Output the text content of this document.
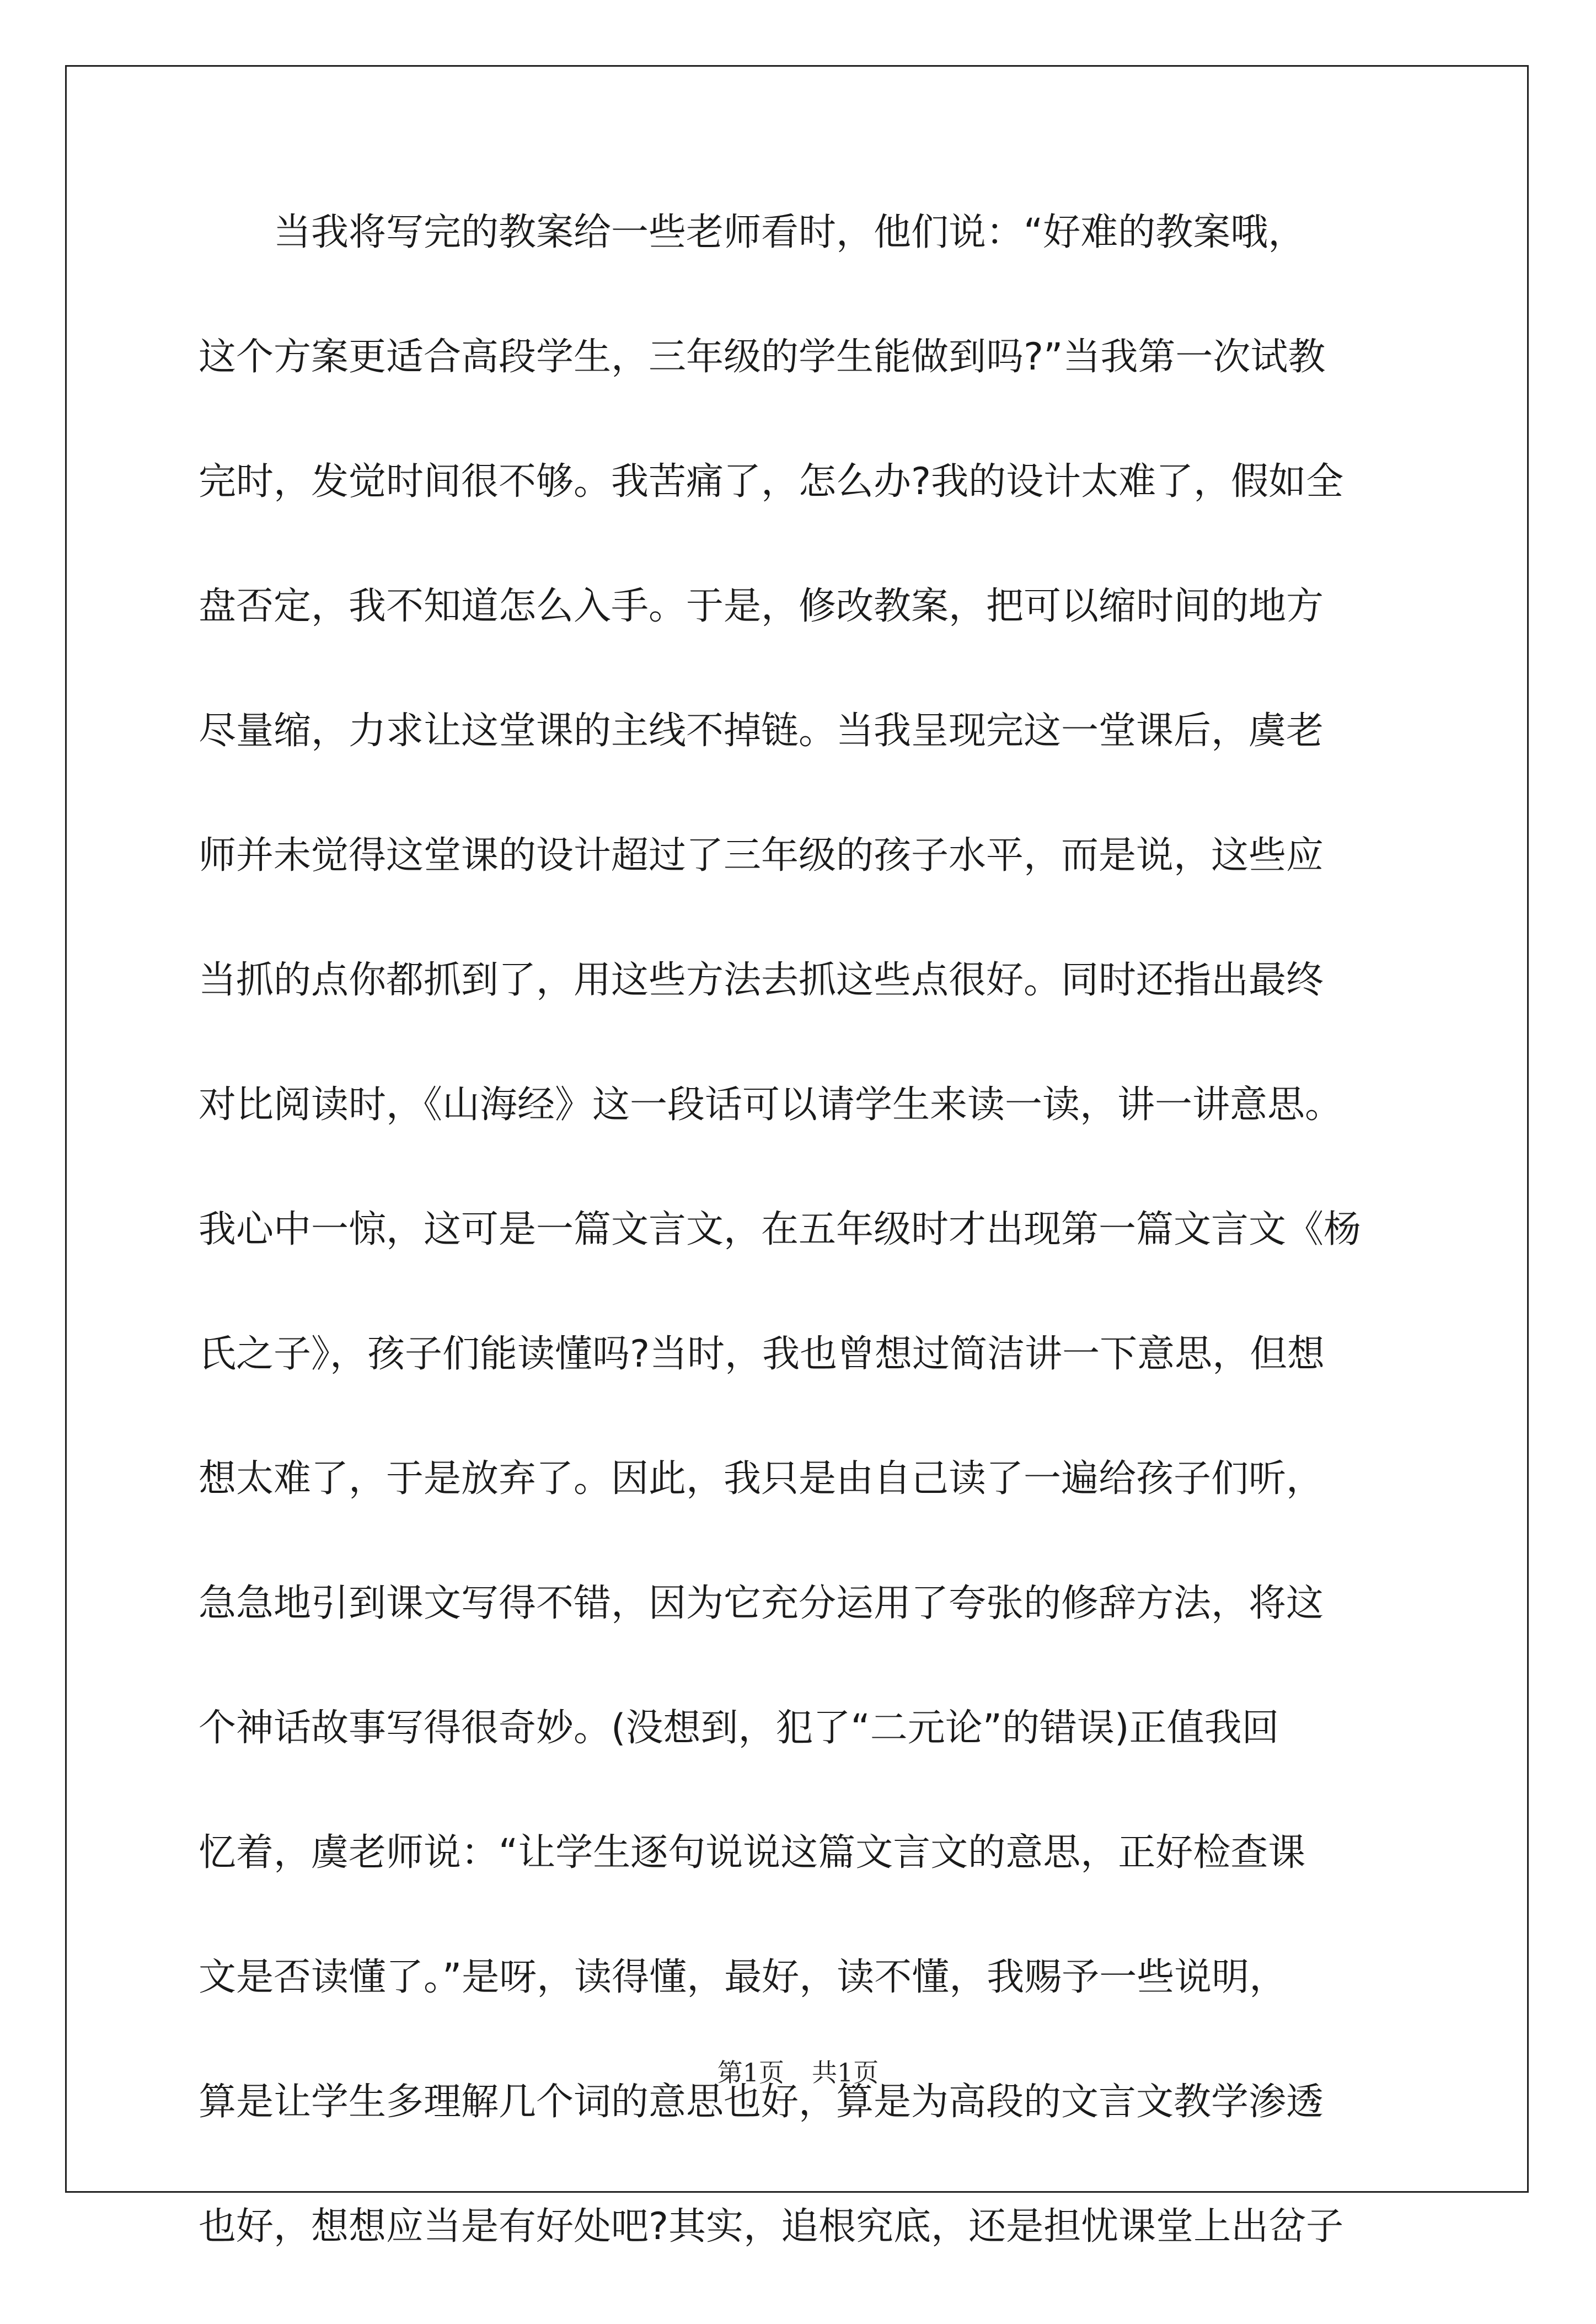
　　当我将写完的教案给一些老师看时，他们说：“好难的教案哦，
这个方案更适合高段学生，三年级的学生能做到吗?”当我第一次试教
完时，发觉时间很不够。我苦痛了，怎么办?我的设计太难了，假如全
盘否定，我不知道怎么入手。于是，修改教案，把可以缩时间的地方
尽量缩，力求让这堂课的主线不掉链。当我呈现完这一堂课后，虞老
师并未觉得这堂课的设计超过了三年级的孩子水平，而是说，这些应
当抓的点你都抓到了，用这些方法去抓这些点很好。同时还指出最终
对比阅读时，《山海经》这一段话可以请学生来读一读，讲一讲意思。
我心中一惊，这可是一篇文言文，在五年级时才出现第一篇文言文《杨
氏之子》，孩子们能读懂吗?当时，我也曾想过简洁讲一下意思，但想
想太难了，于是放弃了。因此，我只是由自己读了一遍给孩子们听，
急急地引到课文写得不错，因为它充分运用了夸张的修辞方法，将这
个神话故事写得很奇妙。(没想到，犯了“二元论”的错误)正值我回
忆着，虞老师说：“让学生逐句说说这篇文言文的意思，正好检查课
文是否读懂了。”是呀，读得懂，最好，读不懂，我赐予一些说明，
算是让学生多理解几个词的意思也好，算是为高段的文言文教学渗透
也好，想想应当是有好处吧?其实，追根究底，还是担忧课堂上出岔子
第1页 共1页
